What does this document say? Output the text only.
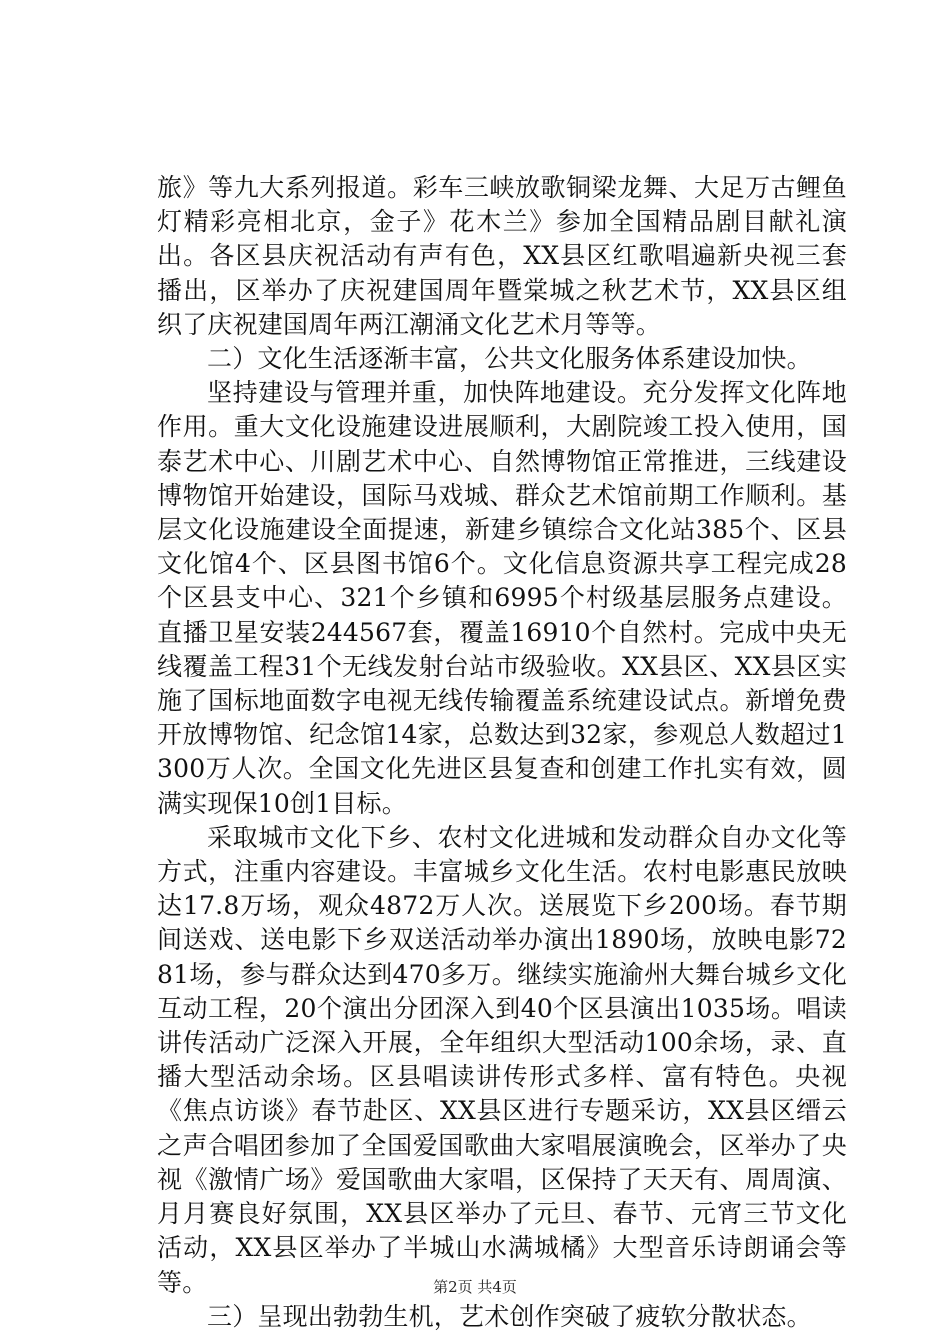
旅》等九大系列报道。彩车三峡放歌铜梁龙舞、大足万古鲤鱼灯精彩亮相北京，金子》花木兰》参加全国精品剧目献礼演出。各区县庆祝活动有声有色，XX县区红歌唱遍新央视三套播出，区举办了庆祝建国周年暨棠城之秋艺术节，XX县区组织了庆祝建国周年两江潮涌文化艺术月等等。

二）文化生活逐渐丰富，公共文化服务体系建设加快。

坚持建设与管理并重，加快阵地建设。充分发挥文化阵地作用。重大文化设施建设进展顺利，大剧院竣工投入使用，国泰艺术中心、川剧艺术中心、自然博物馆正常推进，三线建设博物馆开始建设，国际马戏城、群众艺术馆前期工作顺利。基层文化设施建设全面提速，新建乡镇综合文化站385个、区县文化馆4个、区县图书馆6个。文化信息资源共享工程完成28个区县支中心、321个乡镇和6995个村级基层服务点建设。直播卫星安装244567套，覆盖16910个自然村。完成中央无线覆盖工程31个无线发射台站市级验收。XX县区、XX县区实施了国标地面数字电视无线传输覆盖系统建设试点。新增免费开放博物馆、纪念馆14家，总数达到32家，参观总人数超过1300万人次。全国文化先进区县复查和创建工作扎实有效，圆满实现保10创1目标。

采取城市文化下乡、农村文化进城和发动群众自办文化等方式，注重内容建设。丰富城乡文化生活。农村电影惠民放映达17.8万场，观众4872万人次。送展览下乡200场。春节期间送戏、送电影下乡双送活动举办演出1890场，放映电影7281场，参与群众达到470多万。继续实施渝州大舞台城乡文化互动工程，20个演出分团深入到40个区县演出1035场。唱读讲传活动广泛深入开展，全年组织大型活动100余场，录、直播大型活动余场。区县唱读讲传形式多样、富有特色。央视《焦点访谈》春节赴区、XX县区进行专题采访，XX县区缙云之声合唱团参加了全国爱国歌曲大家唱展演晚会，区举办了央视《激情广场》爱国歌曲大家唱，区保持了天天有、周周演、月月赛良好氛围，XX县区举办了元旦、春节、元宵三节文化活动，XX县区举办了半城山水满城橘》大型音乐诗朗诵会等等。

三）呈现出勃勃生机，艺术创作突破了疲软分散状态。

第2页 共4页
